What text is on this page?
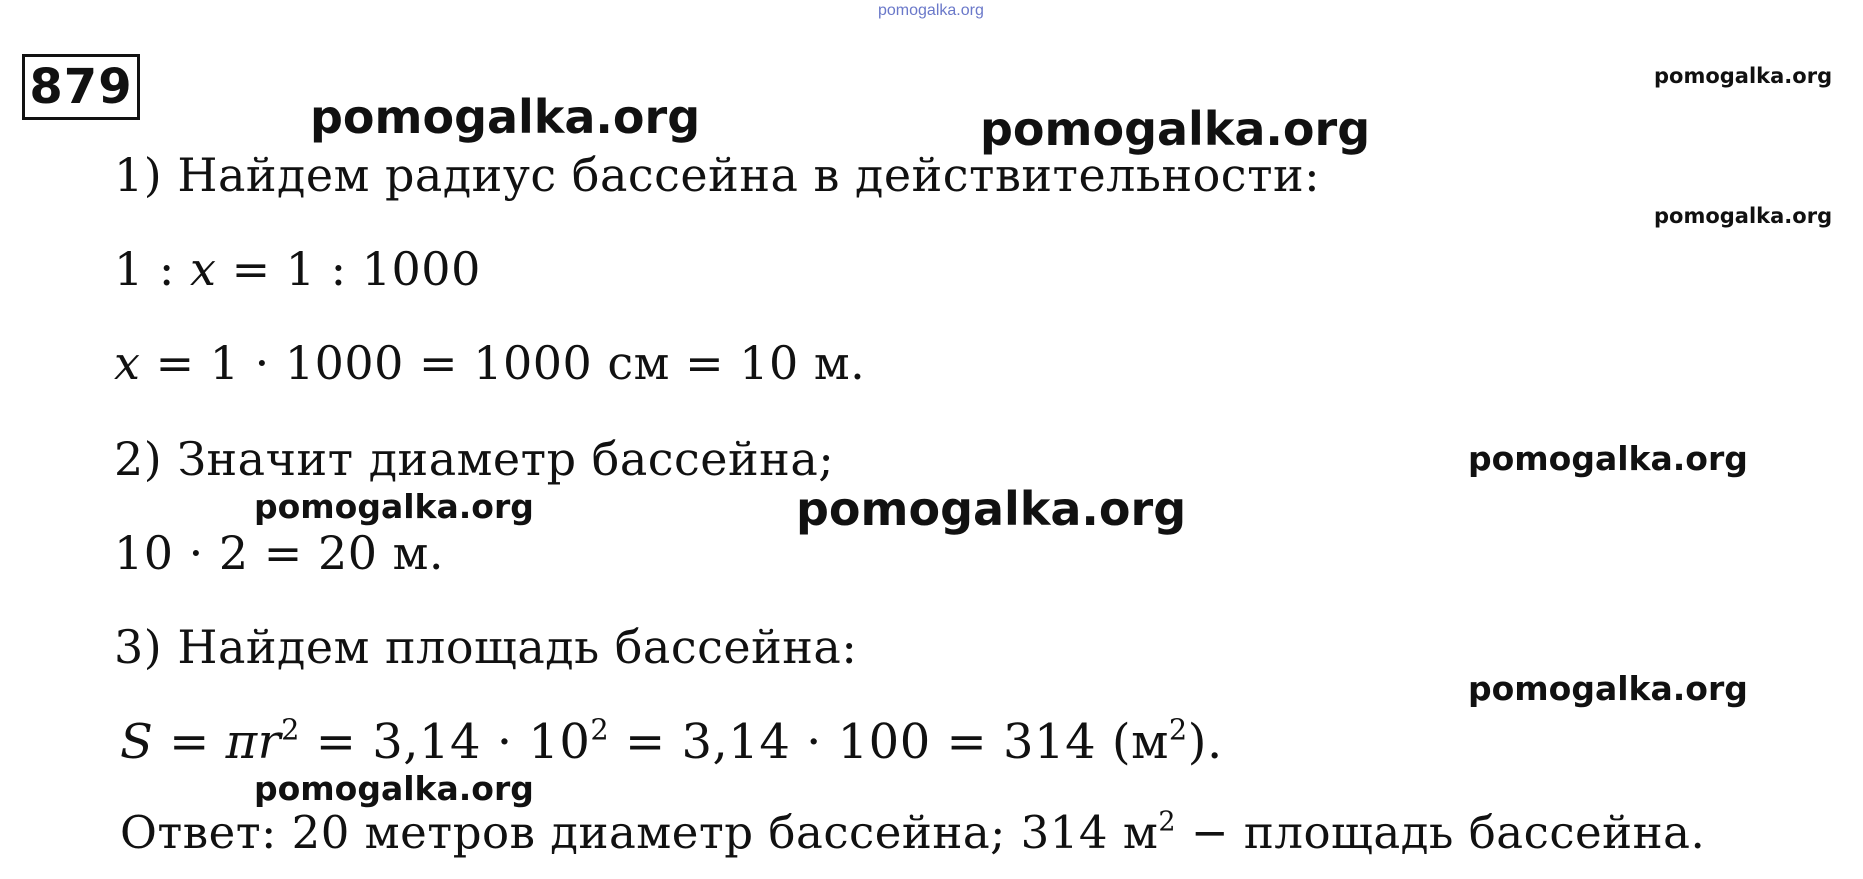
pomogalka.org
879
pomogalka.org	pomogalka.org
pomogalka.org
pomogalka.org
pomogalka.org
pomogalka.org
pomogalka.org
pomogalka.org
pomogalka.org
1) Найдем радиус бассейна в действительности:
1 : x = 1 : 1000
x = 1 · 1000 = 1000 см = 10 м.
2) Значит диаметр бассейна;
10 · 2 = 20 м.
3) Найдем площадь бассейна:
$S = \pi r^2 = 3,14 \cdot 10^2 = 3,14 \cdot 100 = 314$ $(м^2)$.
Ответ: 20 метров диаметр бассейна; 314 $м^2$ − площадь бассейна.
